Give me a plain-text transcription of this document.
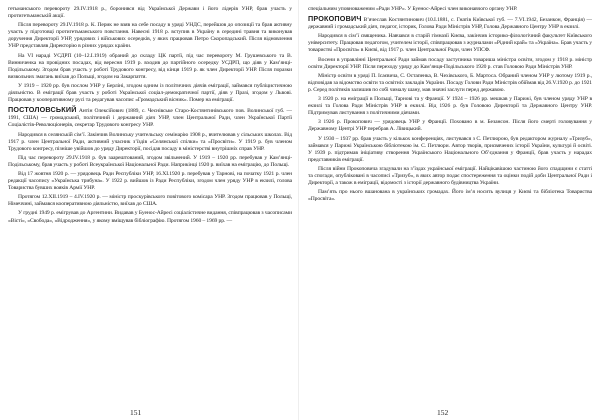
гетьманського перевороту 29.IV.1918 р., боронився від Української Держави і його лідерів УНР, брав участь у протигетьманській акції.

Після перевороту 29.IV.1918 р. К. Перик не взяв на себе посаду в уряді УНДС, перейшов до опозиції та брав активну участь у підготовці протигетьманського повстання. Навесні 1918 р. вступив в Україну в середині травня та виконував доручення Директорії УНР, урядових і військових осередків, у яких працював Петро Скоропадський. Після відновлення УНР представляв Директорію в різних урядах країни.

На VI нараді УСДРП (10–12.I.1919) обраний до складу ЦК партії, під час перевороту М. Грушевського та В. Винниченка на провідних посадах, від вересня 1919 р. входив до партійного осередку УСДРП, що діяв у Кам’янці-Подільському. Згодом брав участь у роботі Трудового конгресу, від кінця 1919 р. як член Директорії УНР. Після поразки визвольних змагань виїхав до Польщі, згодом на Закарпаття.

У 1919 – 1920 рр. був послом УНР у Берліні, згодом одним із політичних діячів еміграції, займався публіцистичною діяльністю. В еміграції брав участь у роботі Української соціал-демократичної партії, діяв у Празі, згодом у Львові. Працював у кооперативному русі та редагував часопис «Громадський вісник». Помер на еміграції.

ПОСТОЛОВСЬКИЙ Антін Олексійович (1889, с. Чеснівське Старо-Костянтинівського пов. Волинської губ. — 1991, США) — громадський, політичний і державний діяч УНР, член Центральної Ради, член Української Партії Соціалістів-Революціонерів, секретар Трудового конгресу УНР.

Народився в селянській сім’ї. Закінчив Волинську учительську семінарію 1908 р., вчителював у сільських школах. Від 1917 р. член Центральної Ради, активний учасник з’їздів «Селянської спілки» та «Просвіти». У 1919 р. був членом Трудового конгресу, пізніше увійшов до уряду Директорії, посідав посаду в міністерстві внутрішніх справ УНР.

Під час перевороту 29.IV.1918 р. був заарештований, згодом звільнений. У 1919 – 1920 рр. перебував у Кам’янці-Подільському, брав участь у роботі Всеукраїнської Національної Ради. Наприкінці 1920 р. виїхав на еміграцію, до Польщі.

Від 17 жовтня 1920 р. — урядовець Ради Республіки УНР, 16.XI.1920 р. перебував у Тарнові, на початку 1921 р. член редакції часопису «Українська трибуна». У 1922 р. вийшов із Ради Республіки, згодом член уряду УНР в екзилі, голова Товариства бувших вояків Армії УНР.

Протягом 12.XII.1919 – 4.IV.1920 р. — міністр проскурівського повітового комісара УНР. Згодом працював у Польщі, Німеччині, займався кооперативною діяльністю, виїхав до США.

У грудні 1949 р. емігрував до Аргентини. Видавав у Буенос-Айресі соціалістичне видання, співпрацював з часописами «Вісті», «Свобода», «Відродження», у якому вміщував бібліографію. Протягом 1960 – 1969 рр. —

спеціальним уповноваженим «Ради УНР». У Буенос-Айресі член виконавчого органу УНР.

ПРОКОПОВИЧ В’ячеслав Костянтинович (10.I.1881, с. Гнатів Київської губ. — 7.VI.1942, Безанкон, Франція) — державний і громадський діяч, педагог, історик, Голова Ради Міністрів УНР, Голова Державного Центру УНР в екзилі.

Народився в сім’ї священика. Навчався в старій гімназії Києва, закінчив історико-філологічний факультет Київського університету. Працював педагогом, учителем історії, співпрацював з журналами «Рідний край» та «Україна». Брав участь у товаристві «Просвіта» в Києві, від 1917 р. член Центральної Ради, член УПСФ.

Восени в управлінні Центральної Ради займав посаду заступника товариша міністра освіти, згодом у 1918 р. міністр освіти Директорії УНР. Після переходу уряду до Кам’янця-Подільського 1920 р. став Головою Ради Міністрів УНР.

Міністр освіти в уряді П. Ісаєвича, С. Остапенка, В. Чехівського, Б. Мартоса. Обраний членом УНР у лютому 1919 р., відповідав за відомство освіти та освітніх закладів України. Посаду Голови Ради Міністрів обіймав від 26.V.1920 р. до 1921 р. Серед політиків залишив по собі чималу шану, мав значні заслуги перед державою.

З 1920 р. на еміграції в Польщі, Тарнові та у Франції. У 1924 – 1926 рр. мешкав у Парижі, був членом уряду УНР в екзилі та Голова Ради Міністрів УНР в екзилі. Від 1926 р. був Головою Директорії та Державного Центру УНР. Підтримував листування з політичними діячами.

З 1926 р. Прокопович — урядовець УНР у Франції. Поховано в м. Безансон. Після його смерті головування у Державному Центрі УНР перебрав А. Лівицький.

У 1930 – 1937 рр. брав участь у кількох конференціях, листувався з С. Петлюрою, був редактором журналу «Тризуб», займався у Парижі Українською бібліотекою ім. С. Петлюри. Автор творів, присвячених історії України, культурі й освіті. У 1939 р. підтримав ініціативу створення Українського Національного Об’єднання у Франції, брав участь у нарадах представників еміграції.

Після війни Прокоповича згадували на з’їздах української еміграції. Найцікавішою частиною його спадщини є статті та спогади, опубліковані в часописі «Тризуб», в яких автор подає спостереження та оцінки подій доби Центральної Ради і Директорії, а також в еміграції, відомості з історії державного будівництва України.

Пам’ять про нього вшанована в українських громадах. Його ім’я носить вулиця у Києві та бібліотека Товариства «Просвіта».

151	152
